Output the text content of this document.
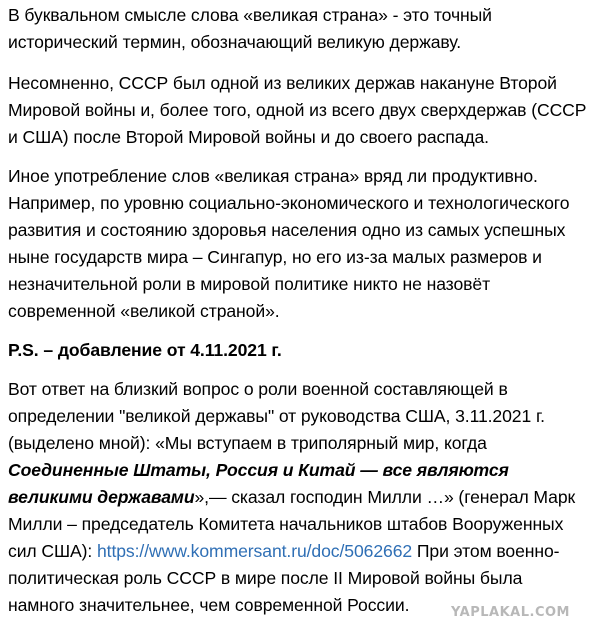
В буквальном смысле слова «великая страна» - это точный исторический термин, обозначающий великую державу.

Несомненно, СССР был одной из великих держав накануне Второй Мировой войны и, более того, одной из всего двух сверхдержав (СССР и США) после Второй Мировой войны и до своего распада.

Иное употребление слов «великая страна» вряд ли продуктивно. Например, по уровню социально-экономического и технологического развития и состоянию здоровья населения одно из самых успешных ныне государств мира – Сингапур, но его из-за малых размеров и незначительной роли в мировой политике никто не назовёт современной «великой страной».

P.S. – добавление от 4.11.2021 г.

Вот ответ на близкий вопрос о роли военной составляющей в определении "великой державы" от руководства США, 3.11.2021 г. (выделено мной): «Мы вступаем в триполярный мир, когда Соединенные Штаты, Россия и Китай — все являются великими державами»,— сказал господин Милли …» (генерал Марк Милли – председатель Комитета начальников штабов Вооруженных сил США): https://www.kommersant.ru/doc/5062662 При этом военно-политическая роль СССР в мире после II Мировой войны была намного значительнее, чем современной России.	YAPLAKAL.COM
